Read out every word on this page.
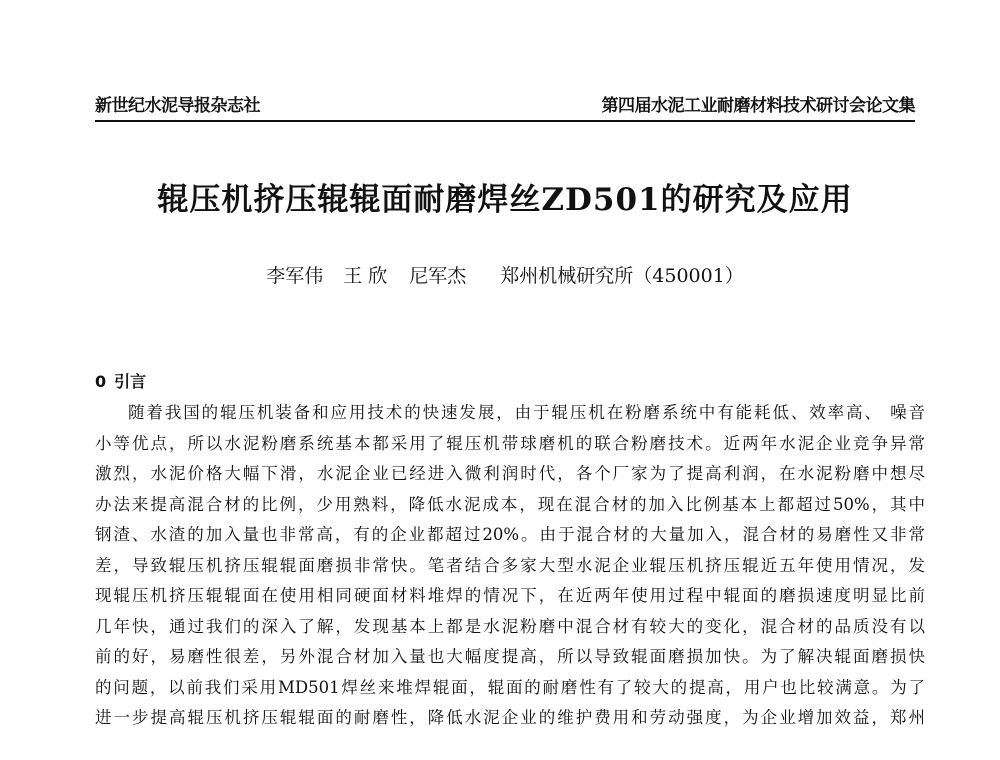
新世纪水泥导报杂志社	第四届水泥工业耐磨材料技术研讨会论文集
辊压机挤压辊辊面耐磨焊丝ZD501的研究及应用
李军伟 王 欣 尼军杰 郑州机械研究所（450001）
0 引言
随着我国的辊压机装备和应用技术的快速发展，由于辊压机在粉磨系统中有能耗低、效率高、 噪音
小等优点，所以水泥粉磨系统基本都采用了辊压机带球磨机的联合粉磨技术。近两年水泥企业竞争异常
激烈，水泥价格大幅下滑，水泥企业已经进入微利润时代，各个厂家为了提高利润，在水泥粉磨中想尽
办法来提高混合材的比例，少用熟料，降低水泥成本，现在混合材的加入比例基本上都超过50%，其中
钢渣、水渣的加入量也非常高，有的企业都超过20%。由于混合材的大量加入，混合材的易磨性又非常
差，导致辊压机挤压辊辊面磨损非常快。笔者结合多家大型水泥企业辊压机挤压辊近五年使用情况，发
现辊压机挤压辊辊面在使用相同硬面材料堆焊的情况下，在近两年使用过程中辊面的磨损速度明显比前
几年快，通过我们的深入了解，发现基本上都是水泥粉磨中混合材有较大的变化，混合材的品质没有以
前的好，易磨性很差，另外混合材加入量也大幅度提高，所以导致辊面磨损加快。为了解决辊面磨损快
的问题，以前我们采用MD501焊丝来堆焊辊面，辊面的耐磨性有了较大的提高，用户也比较满意。为了
进一步提高辊压机挤压辊辊面的耐磨性，降低水泥企业的维护费用和劳动强度，为企业增加效益，郑州
